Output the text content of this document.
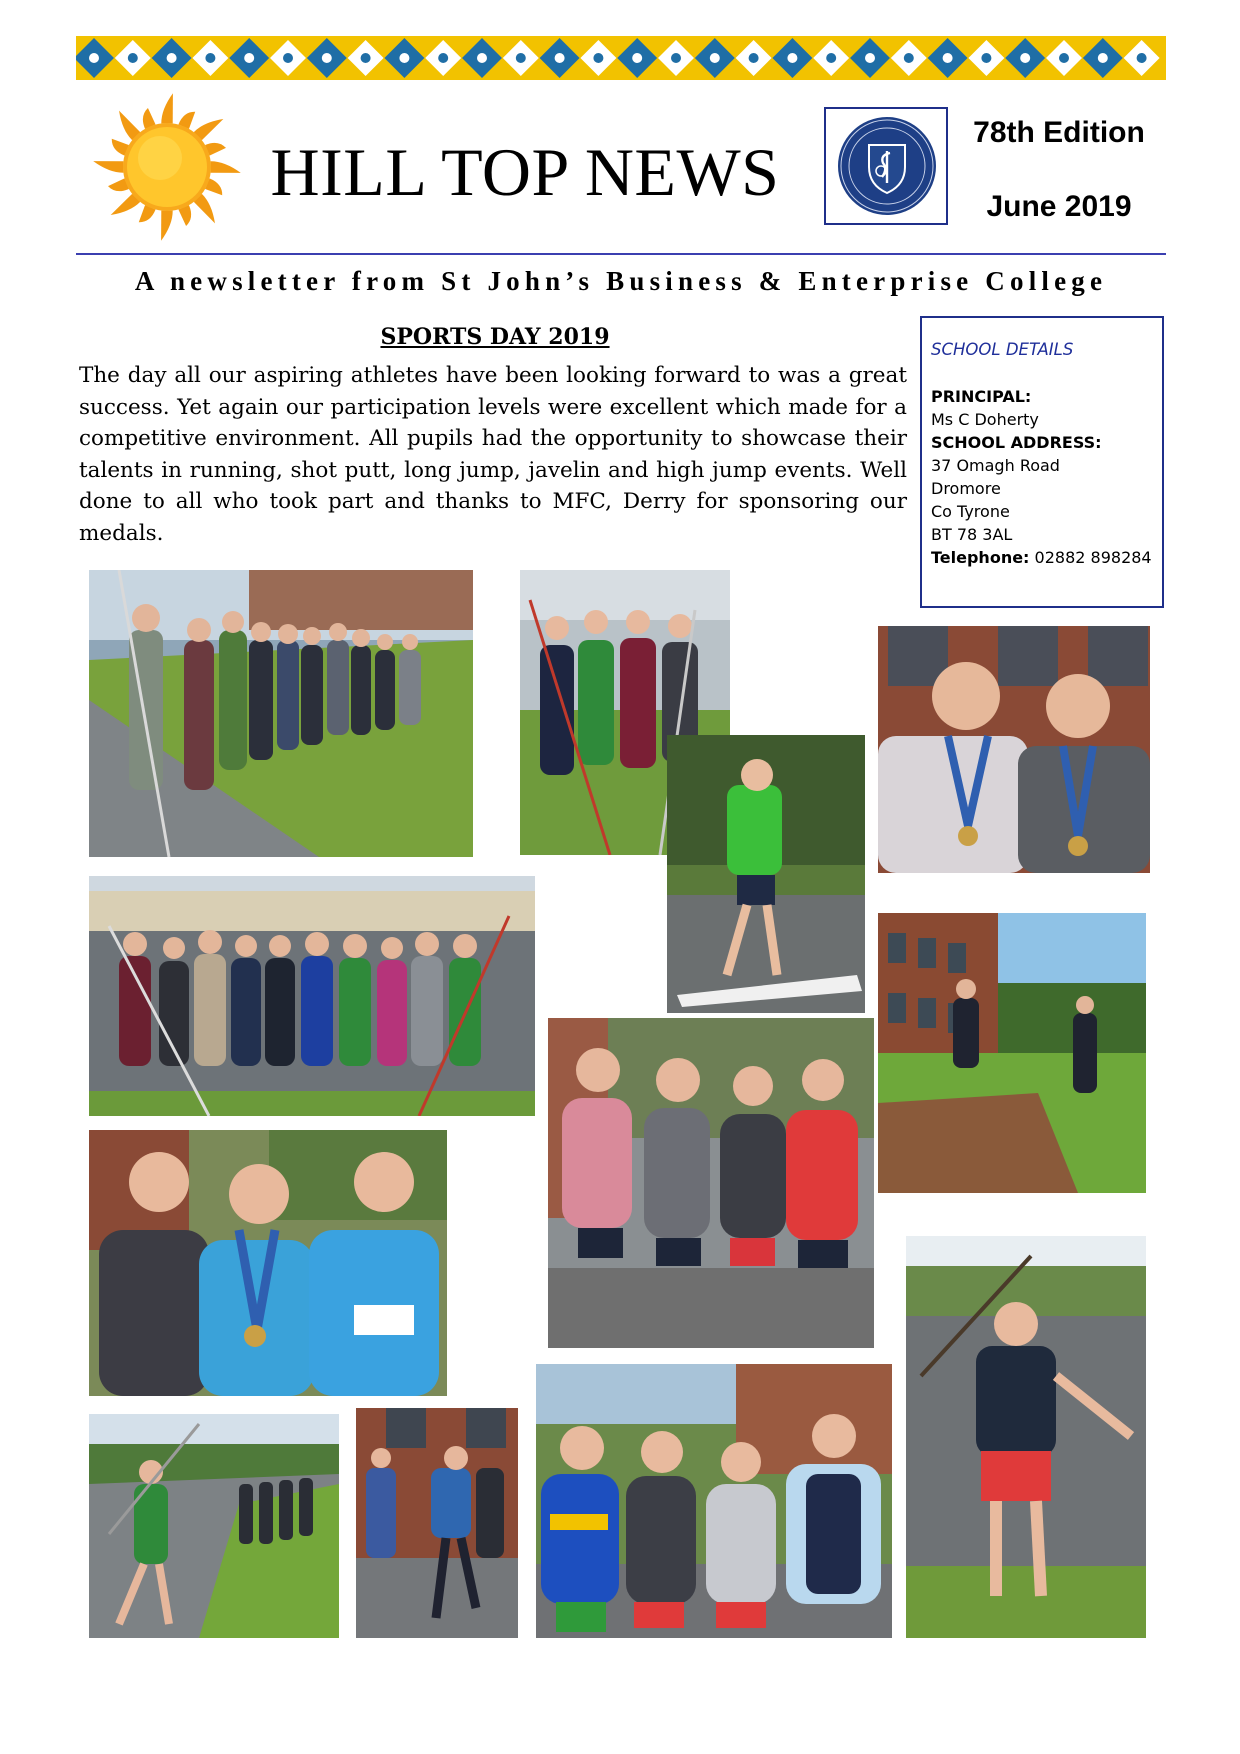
HILL TOP NEWS
78th Edition
June 2019
A newsletter from St John’s Business & Enterprise College
SPORTS DAY 2019
The day all our aspiring athletes have been looking forward to was a great success. Yet again our participation levels were excellent which made for a competitive environment. All pupils had the opportunity to showcase their talents in running, shot putt, long jump, javelin and high jump events. Well done to all who took part and thanks to MFC, Derry for sponsoring our medals.
SCHOOL DETAILS
PRINCIPAL:
Ms C Doherty
SCHOOL ADDRESS:
37 Omagh Road
Dromore
Co Tyrone
BT 78 3AL
Telephone: 02882 898284
